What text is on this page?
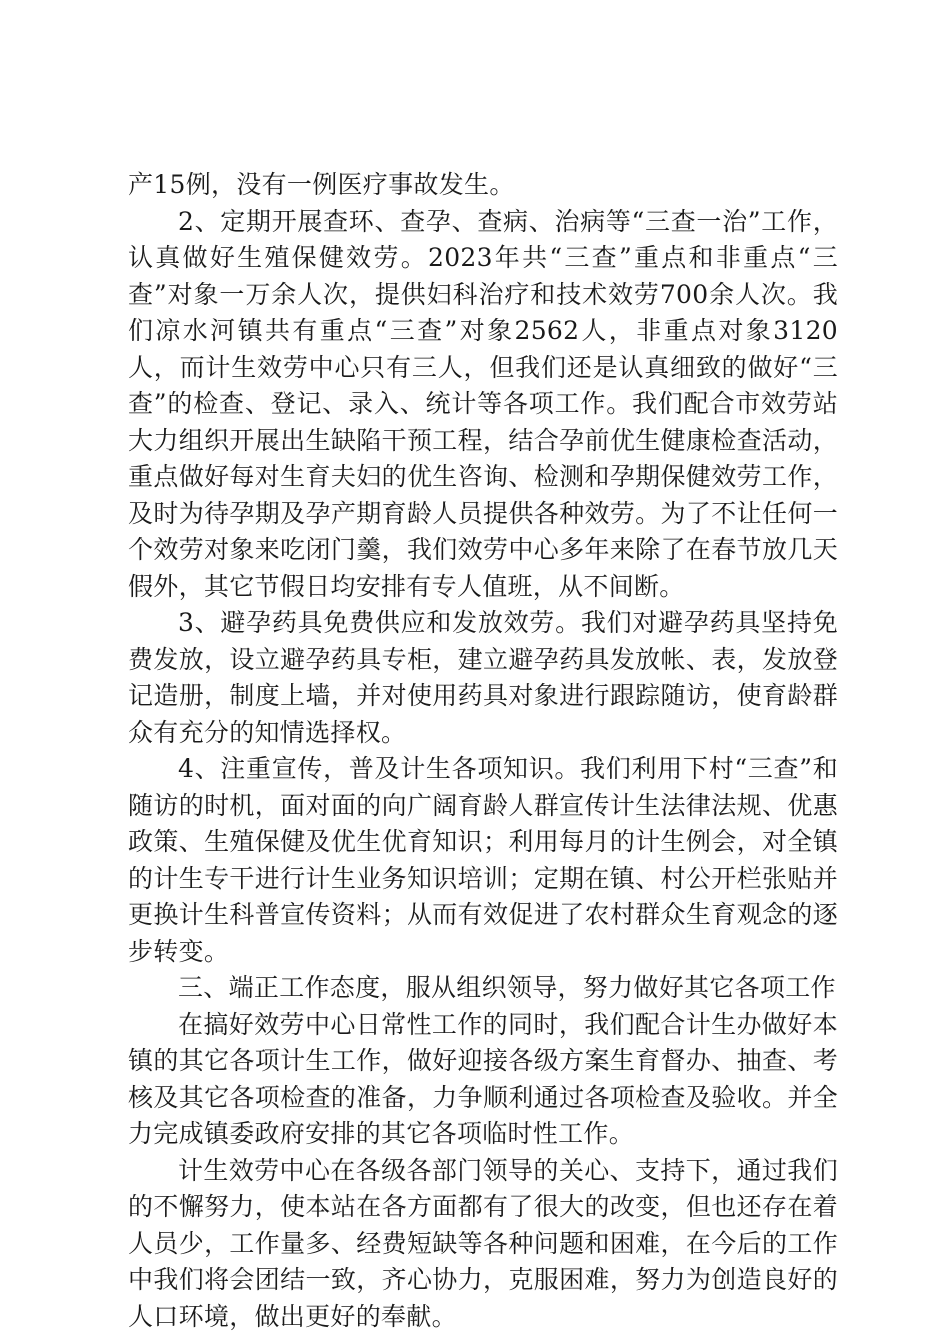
产15例，没有一例医疗事故发生。

2、定期开展查环、查孕、查病、治病等“三查一治”工作，认真做好生殖保健效劳。2023年共“三查”重点和非重点“三查”对象一万余人次，提供妇科治疗和技术效劳700余人次。我们凉水河镇共有重点“三查”对象2562人，非重点对象3120人，而计生效劳中心只有三人，但我们还是认真细致的做好“三查”的检查、登记、录入、统计等各项工作。我们配合市效劳站大力组织开展出生缺陷干预工程，结合孕前优生健康检查活动，重点做好每对生育夫妇的优生咨询、检测和孕期保健效劳工作，及时为待孕期及孕产期育龄人员提供各种效劳。为了不让任何一个效劳对象来吃闭门羹，我们效劳中心多年来除了在春节放几天假外，其它节假日均安排有专人值班，从不间断。

3、避孕药具免费供应和发放效劳。我们对避孕药具坚持免费发放，设立避孕药具专柜，建立避孕药具发放帐、表，发放登记造册，制度上墙，并对使用药具对象进行跟踪随访，使育龄群众有充分的知情选择权。

4、注重宣传，普及计生各项知识。我们利用下村“三查”和随访的时机，面对面的向广阔育龄人群宣传计生法律法规、优惠政策、生殖保健及优生优育知识；利用每月的计生例会，对全镇的计生专干进行计生业务知识培训；定期在镇、村公开栏张贴并更换计生科普宣传资料；从而有效促进了农村群众生育观念的逐步转变。

三、端正工作态度，服从组织领导，努力做好其它各项工作

在搞好效劳中心日常性工作的同时，我们配合计生办做好本镇的其它各项计生工作，做好迎接各级方案生育督办、抽查、考核及其它各项检查的准备，力争顺利通过各项检查及验收。并全力完成镇委政府安排的其它各项临时性工作。

计生效劳中心在各级各部门领导的关心、支持下，通过我们的不懈努力，使本站在各方面都有了很大的改变，但也还存在着人员少，工作量多、经费短缺等各种问题和困难，在今后的工作中我们将会团结一致，齐心协力，克服困难，努力为创造良好的人口环境，做出更好的奉献。
